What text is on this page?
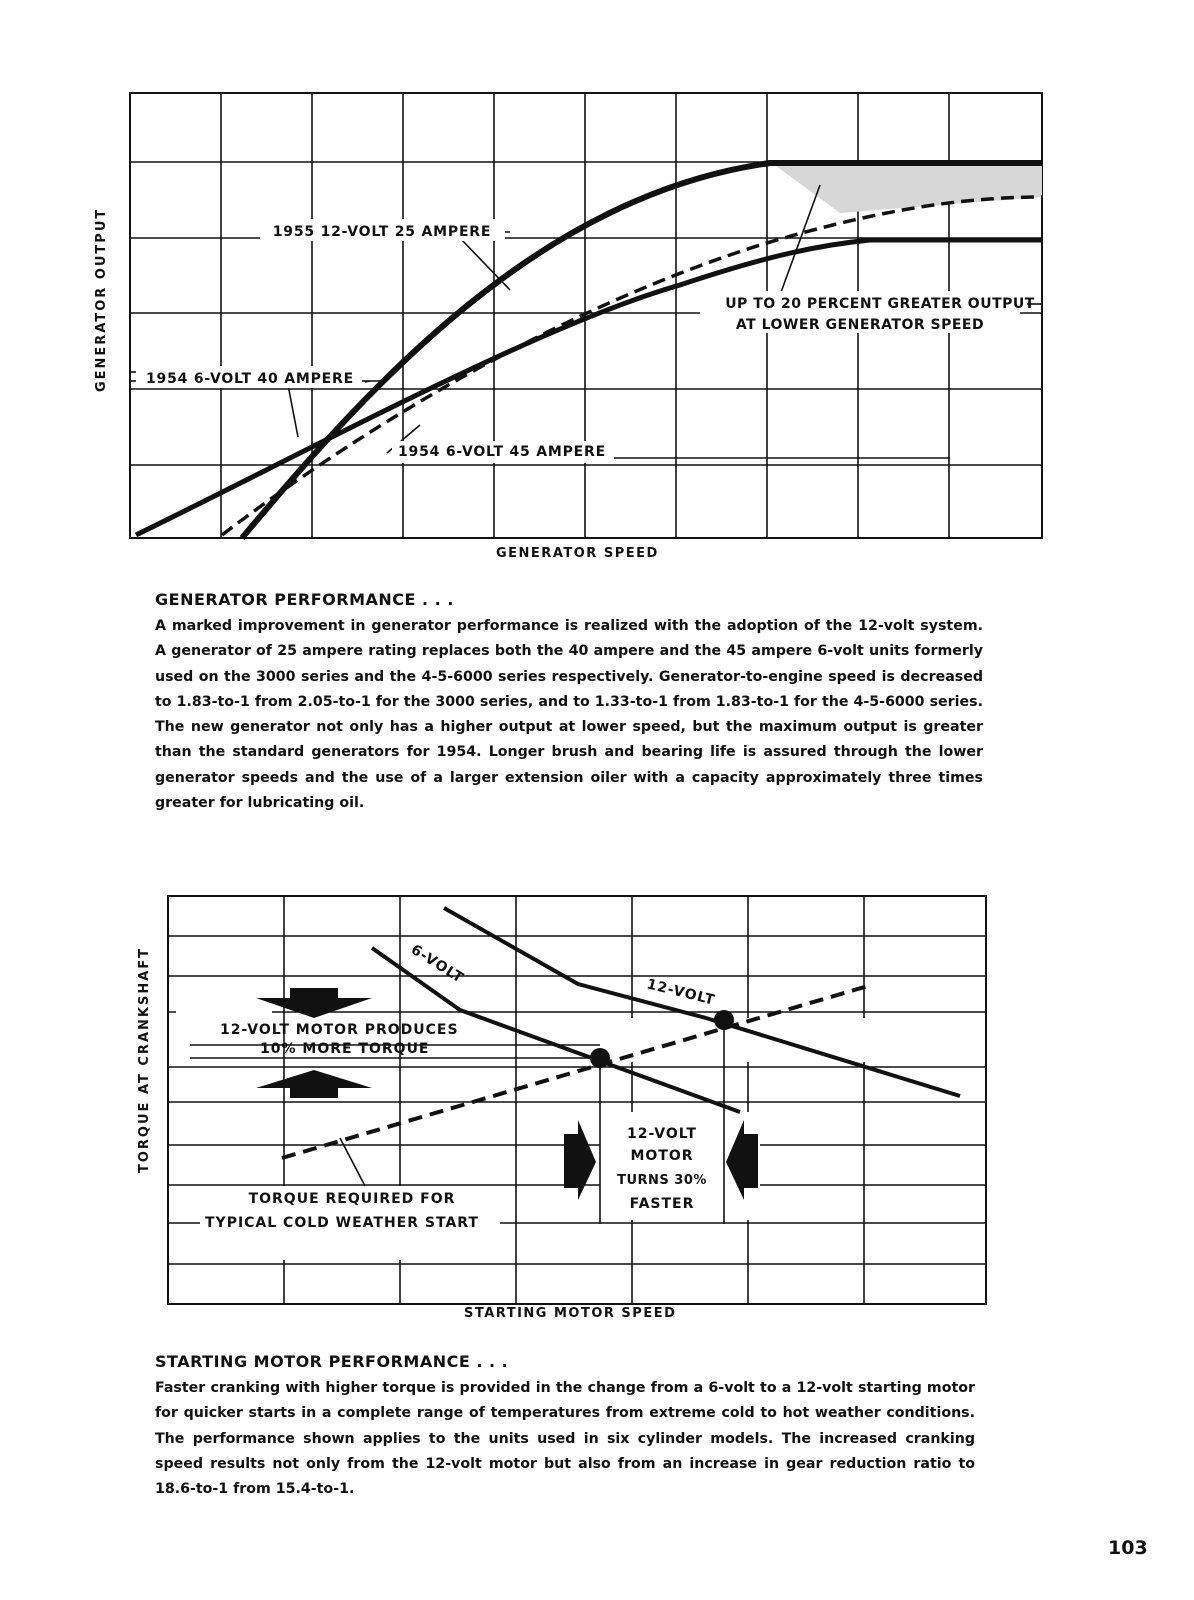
GENERATOR OUTPUT	1955 12-VOLT 25 AMPERE
1954 6-VOLT 40 AMPERE
1954 6-VOLT 45 AMPERE
UP TO 20 PERCENT GREATER OUTPUT
AT LOWER GENERATOR SPEED
GENERATOR SPEED
GENERATOR PERFORMANCE . . .
A marked improvement in generator performance is realized with the adoption of the 12-volt system. A generator of 25 ampere rating replaces both the 40 ampere and the 45 ampere 6-volt units formerly used on the 3000 series and the 4-5-6000 series respectively. Generator-to-engine speed is decreased to 1.83-to-1 from 2.05-to-1 for the 3000 series, and to 1.33-to-1 from 1.83-to-1 for the 4-5-6000 series. The new generator not only has a higher output at lower speed, but the maximum output is greater than the standard generators for 1954. Longer brush and bearing life is assured through the lower generator speeds and the use of a larger extension oiler with a capacity approximately three times greater for lubricating oil.
TORQUE AT CRANKSHAFT	12-VOLT MOTOR PRODUCES
10% MORE TORQUE
12-VOLT
MOTOR
TURNS 30%
FASTER
TORQUE REQUIRED FOR
TYPICAL COLD WEATHER START
6-VOLT
12-VOLT
STARTING MOTOR SPEED
STARTING MOTOR PERFORMANCE . . .
Faster cranking with higher torque is provided in the change from a 6-volt to a 12-volt starting motor for quicker starts in a complete range of temperatures from extreme cold to hot weather conditions. The performance shown applies to the units used in six cylinder models. The increased cranking speed results not only from the 12-volt motor but also from an increase in gear reduction ratio to 18.6-to-1 from 15.4-to-1.
103
